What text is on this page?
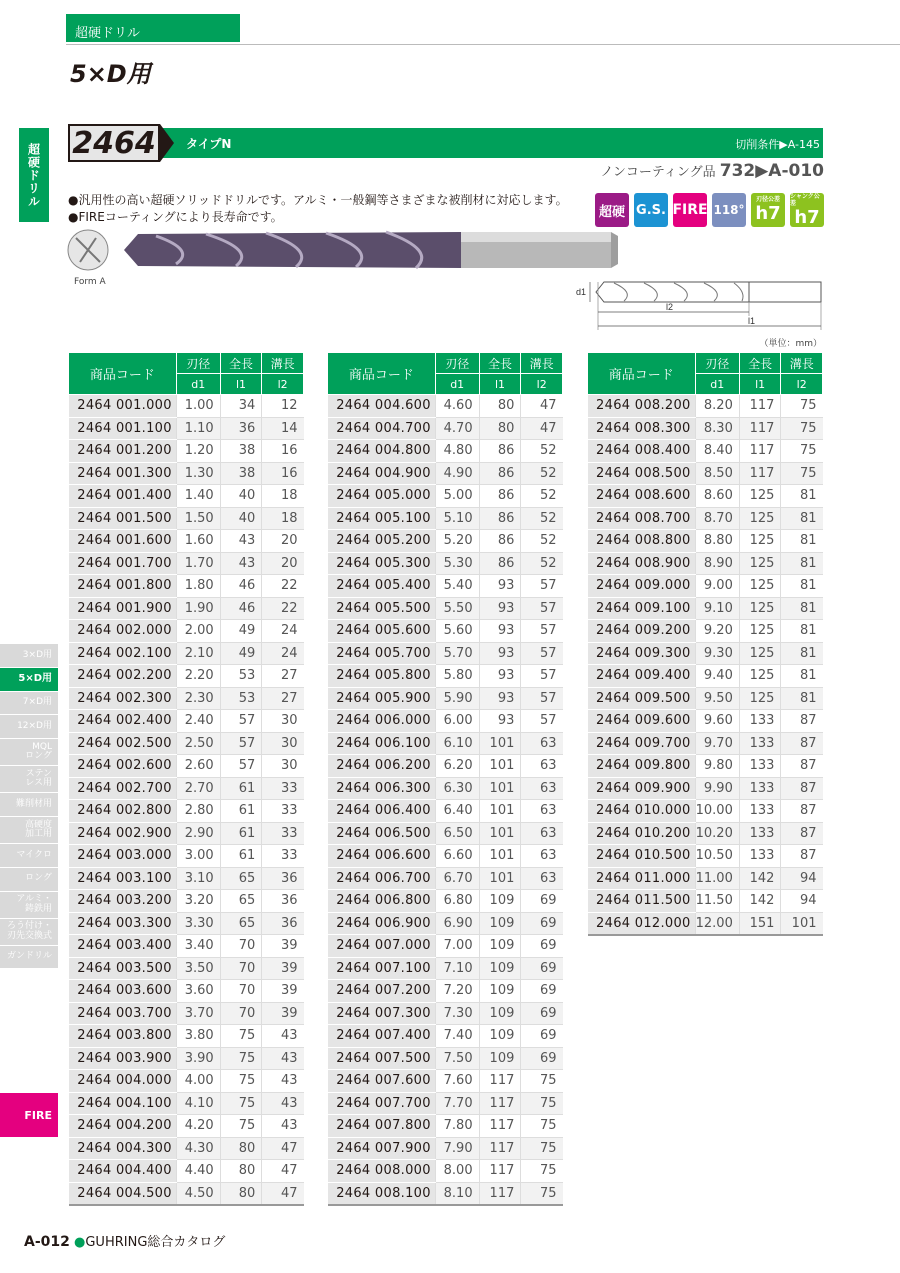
超硬ドリル
5×D用
超硬ドリル
3×D用
5×D用
7×D用
12×D用
MQL
ロング
ステン
レス用
難削材用
高硬度
加工用
マイクロ
ロング
アルミ・
鋳鉄用
ろう付け・
刃先交換式
ガンドリル
FIRE
2464	タイプN	切削条件▶A-145
ノンコーティング品 732▶A-010
●汎用性の高い超硬ソリッドドリルです。アルミ・一般鋼等さまざまな被削材に対応します。
●FIREコーティングにより長寿命です。	超硬 G.S. FIRE 118°
刃径公差
h7
シャンク公差
h7
Form A
d1
l2
l1
（単位：mm）
商品コード	刃径	全長	溝長
	d1	l1	l2
2464 001.000	1.00	34	12
2464 001.100	1.10	36	14
2464 001.200	1.20	38	16
2464 001.300	1.30	38	16
2464 001.400	1.40	40	18
2464 001.500	1.50	40	18
2464 001.600	1.60	43	20
2464 001.700	1.70	43	20
2464 001.800	1.80	46	22
2464 001.900	1.90	46	22
2464 002.000	2.00	49	24
2464 002.100	2.10	49	24
2464 002.200	2.20	53	27
2464 002.300	2.30	53	27
2464 002.400	2.40	57	30
2464 002.500	2.50	57	30
2464 002.600	2.60	57	30
2464 002.700	2.70	61	33
2464 002.800	2.80	61	33
2464 002.900	2.90	61	33
2464 003.000	3.00	61	33
2464 003.100	3.10	65	36
2464 003.200	3.20	65	36
2464 003.300	3.30	65	36
2464 003.400	3.40	70	39
2464 003.500	3.50	70	39
2464 003.600	3.60	70	39
2464 003.700	3.70	70	39
2464 003.800	3.80	75	43
2464 003.900	3.90	75	43
2464 004.000	4.00	75	43
2464 004.100	4.10	75	43
2464 004.200	4.20	75	43
2464 004.300	4.30	80	47
2464 004.400	4.40	80	47
2464 004.500	4.50	80	47
商品コード	刃径	全長	溝長
	d1	l1	l2
2464 004.600	4.60	80	47
2464 004.700	4.70	80	47
2464 004.800	4.80	86	52
2464 004.900	4.90	86	52
2464 005.000	5.00	86	52
2464 005.100	5.10	86	52
2464 005.200	5.20	86	52
2464 005.300	5.30	86	52
2464 005.400	5.40	93	57
2464 005.500	5.50	93	57
2464 005.600	5.60	93	57
2464 005.700	5.70	93	57
2464 005.800	5.80	93	57
2464 005.900	5.90	93	57
2464 006.000	6.00	93	57
2464 006.100	6.10	101	63
2464 006.200	6.20	101	63
2464 006.300	6.30	101	63
2464 006.400	6.40	101	63
2464 006.500	6.50	101	63
2464 006.600	6.60	101	63
2464 006.700	6.70	101	63
2464 006.800	6.80	109	69
2464 006.900	6.90	109	69
2464 007.000	7.00	109	69
2464 007.100	7.10	109	69
2464 007.200	7.20	109	69
2464 007.300	7.30	109	69
2464 007.400	7.40	109	69
2464 007.500	7.50	109	69
2464 007.600	7.60	117	75
2464 007.700	7.70	117	75
2464 007.800	7.80	117	75
2464 007.900	7.90	117	75
2464 008.000	8.00	117	75
2464 008.100	8.10	117	75
商品コード	刃径	全長	溝長
	d1	l1	l2
2464 008.200	8.20	117	75
2464 008.300	8.30	117	75
2464 008.400	8.40	117	75
2464 008.500	8.50	117	75
2464 008.600	8.60	125	81
2464 008.700	8.70	125	81
2464 008.800	8.80	125	81
2464 008.900	8.90	125	81
2464 009.000	9.00	125	81
2464 009.100	9.10	125	81
2464 009.200	9.20	125	81
2464 009.300	9.30	125	81
2464 009.400	9.40	125	81
2464 009.500	9.50	125	81
2464 009.600	9.60	133	87
2464 009.700	9.70	133	87
2464 009.800	9.80	133	87
2464 009.900	9.90	133	87
2464 010.000	10.00	133	87
2464 010.200	10.20	133	87
2464 010.500	10.50	133	87
2464 011.000	11.00	142	94
2464 011.500	11.50	142	94
2464 012.000	12.00	151	101
A-012 ●GUHRING総合カタログ
